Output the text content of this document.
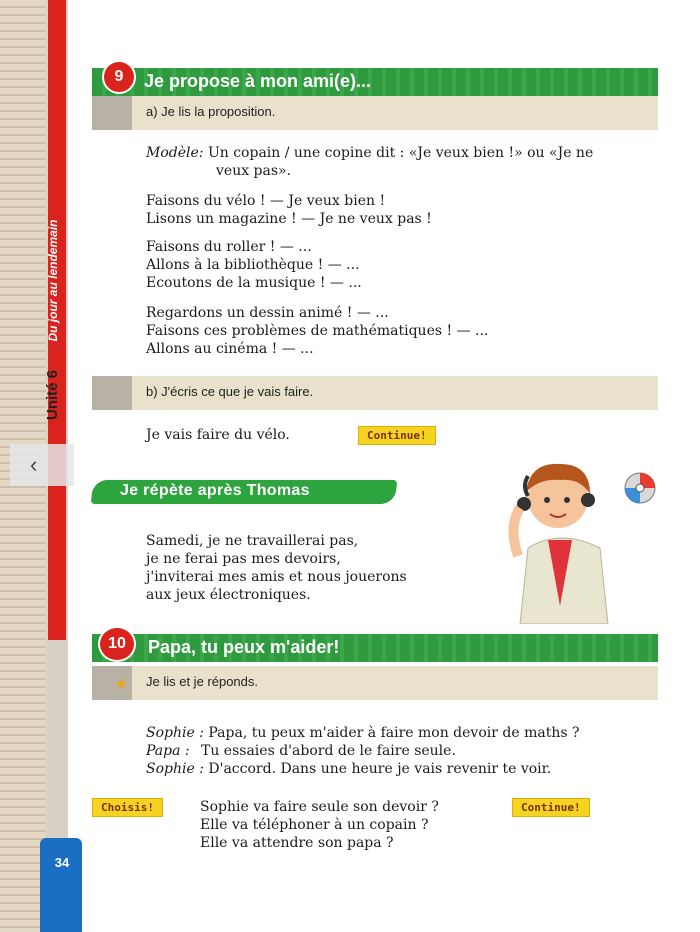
Unité 6 Du jour au lendemain
34
‹
Je propose à mon ami(e)...
9
a) Je lis la proposition.
Modèle: Un copain / une copine dit : «Je veux bien !» ou «Je ne
veux pas».
Faisons du vélo ! — Je veux bien !
Lisons un magazine ! — Je ne veux pas !
Faisons du roller ! — ...
Allons à la bibliothèque ! — ...
Ecoutons de la musique ! — ...
Regardons un dessin animé ! — ...
Faisons ces problèmes de mathématiques ! — ...
Allons au cinéma ! — ...
b) J'écris ce que je vais faire.
Je vais faire du vélo.	Continue!
Je répète après Thomas
Samedi, je ne travaillerai pas,
je ne ferai pas mes devoirs,
j'inviterai mes amis et nous jouerons
aux jeux électroniques.
Papa, tu peux m'aider!
10
★ Je lis et je réponds.
Sophie : Papa, tu peux m'aider à faire mon devoir de maths ?
Papa : Tu essaies d'abord de le faire seule.
Sophie : D'accord. Dans une heure je vais revenir te voir.
Choisis!	Sophie va faire seule son devoir ?
Elle va téléphoner à un copain ?
Elle va attendre son papa ?
Continue!
